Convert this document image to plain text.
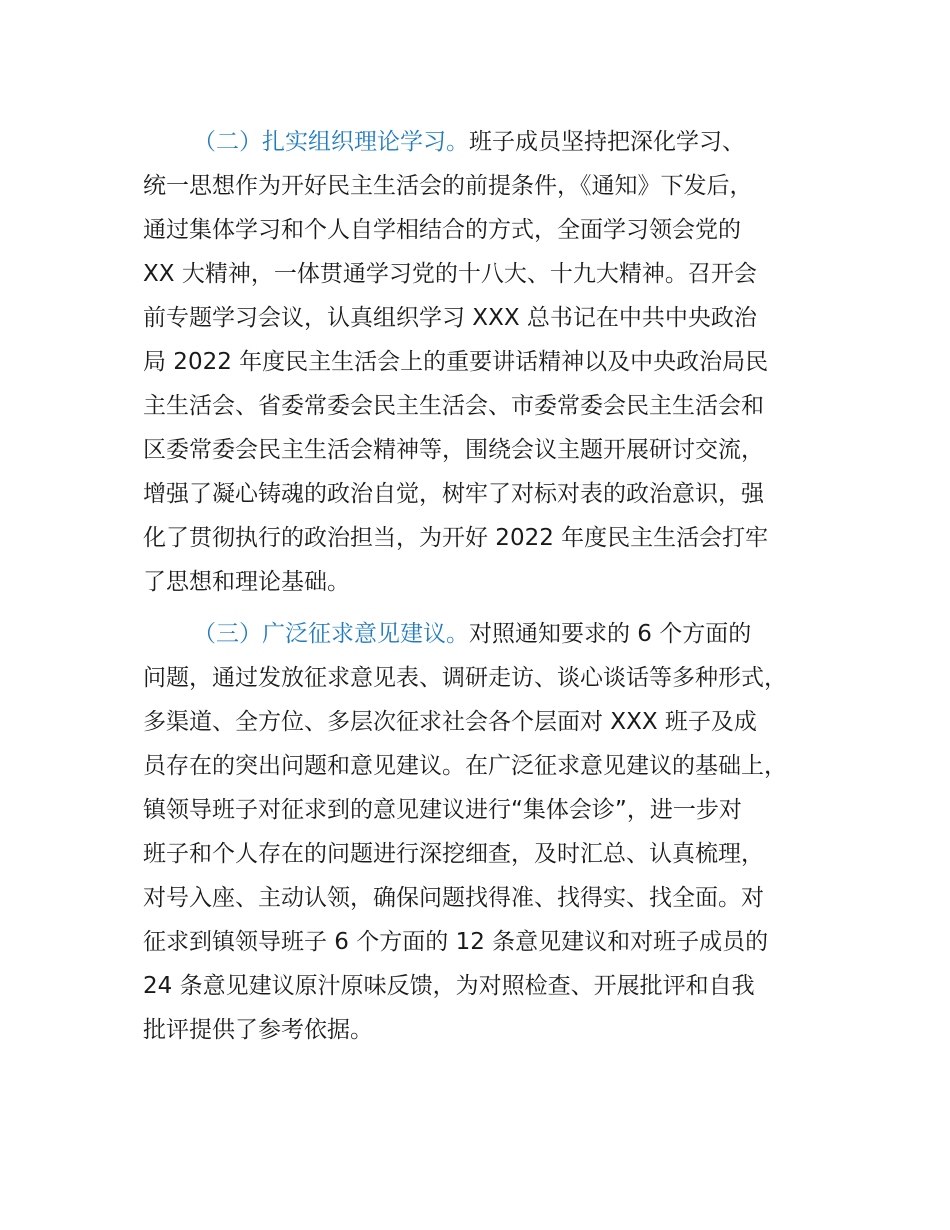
（二）扎实组织理论学习。班子成员坚持把深化学习、
统一思想作为开好民主生活会的前提条件，《通知》下发后，
通过集体学习和个人自学相结合的方式，全面学习领会党的
XX 大精神，一体贯通学习党的十八大、十九大精神。召开会
前专题学习会议，认真组织学习 XXX 总书记在中共中央政治
局 2022 年度民主生活会上的重要讲话精神以及中央政治局民
主生活会、省委常委会民主生活会、市委常委会民主生活会和
区委常委会民主生活会精神等，围绕会议主题开展研讨交流，
增强了凝心铸魂的政治自觉，树牢了对标对表的政治意识，强
化了贯彻执行的政治担当，为开好 2022 年度民主生活会打牢
了思想和理论基础。
（三）广泛征求意见建议。对照通知要求的 6 个方面的
问题，通过发放征求意见表、调研走访、谈心谈话等多种形式，
多渠道、全方位、多层次征求社会各个层面对 XXX 班子及成
员存在的突出问题和意见建议。在广泛征求意见建议的基础上，
镇领导班子对征求到的意见建议进行“集体会诊”，进一步对
班子和个人存在的问题进行深挖细查，及时汇总、认真梳理，
对号入座、主动认领，确保问题找得准、找得实、找全面。对
征求到镇领导班子 6 个方面的 12 条意见建议和对班子成员的
24 条意见建议原汁原味反馈，为对照检查、开展批评和自我
批评提供了参考依据。
